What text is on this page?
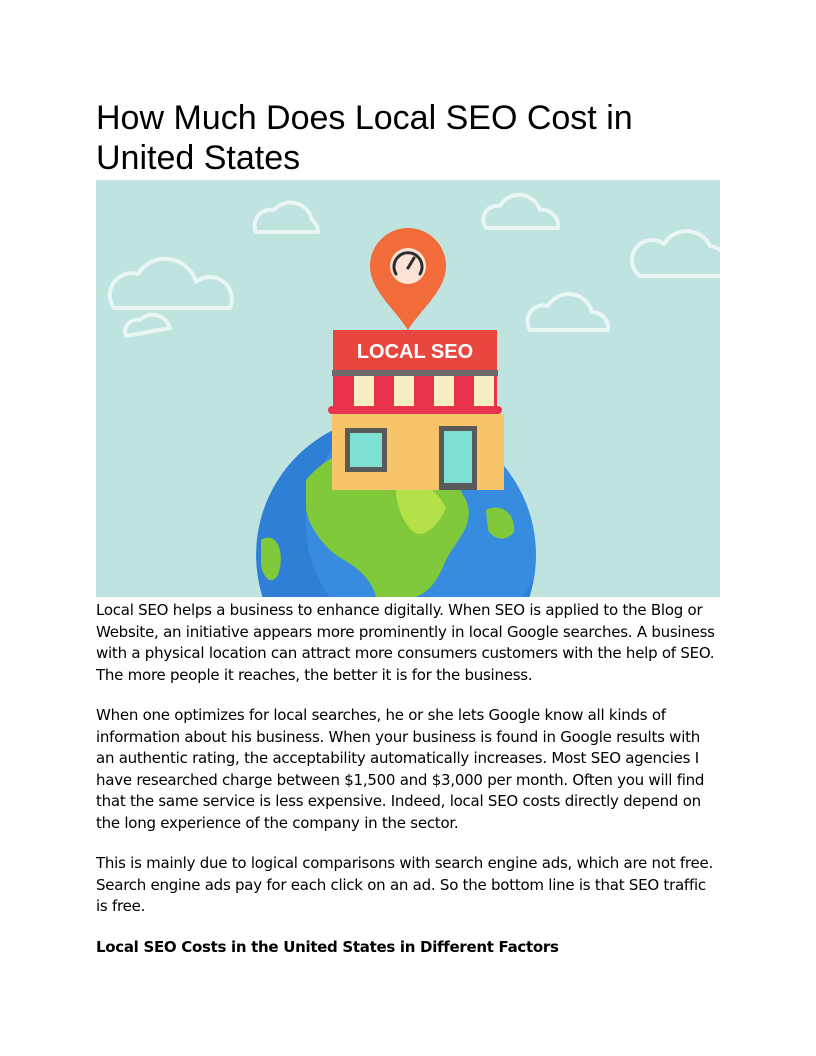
How Much Does Local SEO Cost in United States
LOCAL SEO

Local SEO helps a business to enhance digitally. When SEO is applied to the Blog or Website, an initiative appears more prominently in local Google searches. A business with a physical location can attract more consumers customers with the help of SEO. The more people it reaches, the better it is for the business.

When one optimizes for local searches, he or she lets Google know all kinds of information about his business. When your business is found in Google results with an authentic rating, the acceptability automatically increases. Most SEO agencies I have researched charge between $1,500 and $3,000 per month. Often you will find that the same service is less expensive. Indeed, local SEO costs directly depend on the long experience of the company in the sector.

This is mainly due to logical comparisons with search engine ads, which are not free. Search engine ads pay for each click on an ad. So the bottom line is that SEO traffic is free.

Local SEO Costs in the United States in Different Factors
